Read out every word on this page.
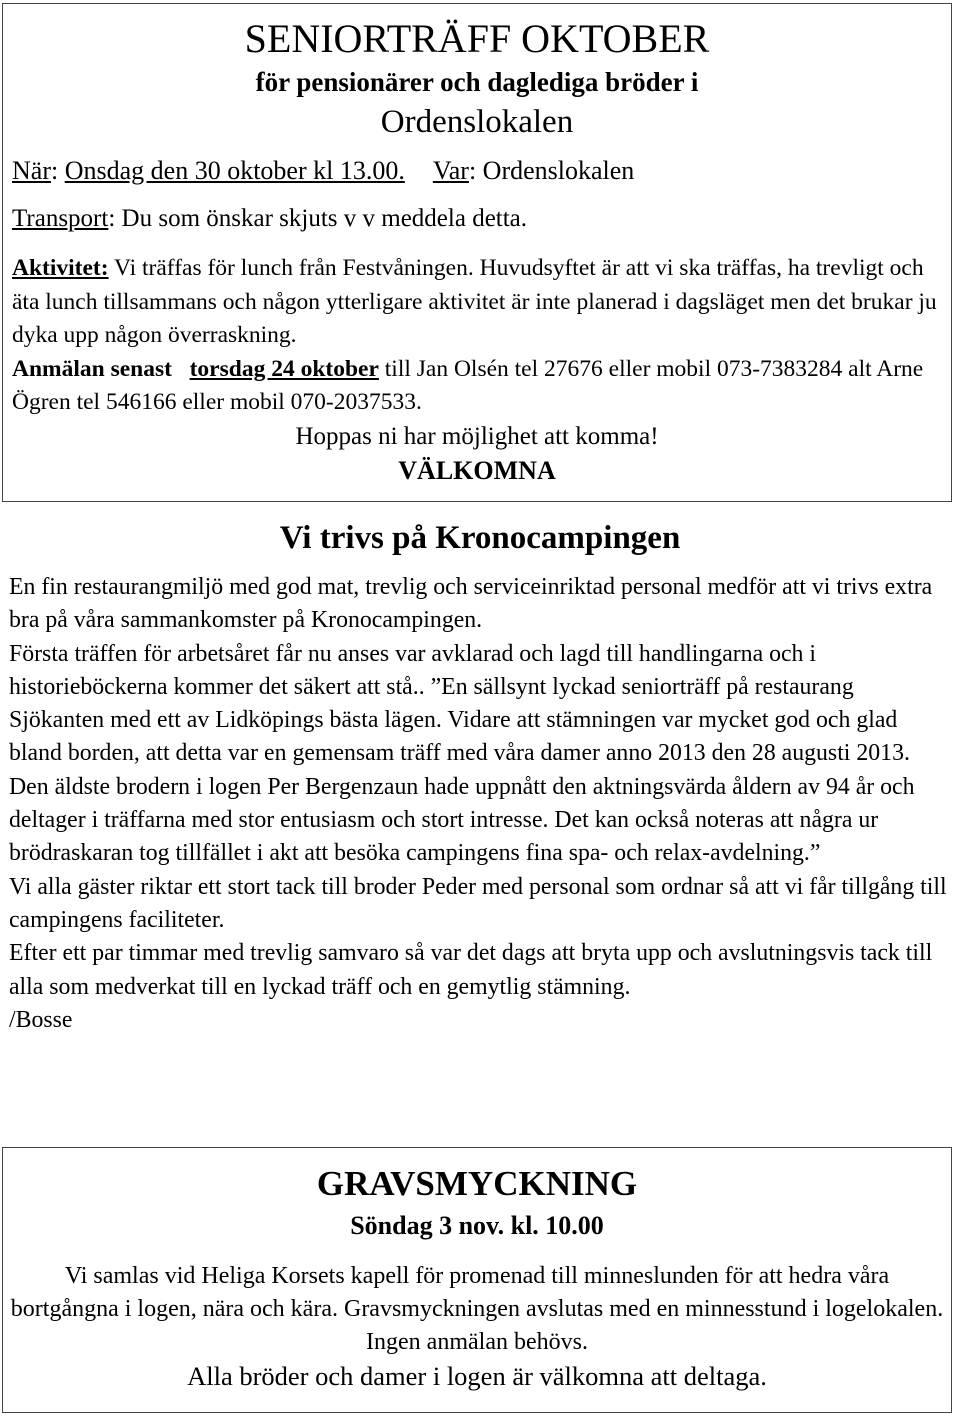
SENIORTRÄFF OKTOBER
för pensionärer och daglediga bröder i
Ordenslokalen
När: Onsdag den 30 oktober kl 13.00. Var: Ordenslokalen
Transport: Du som önskar skjuts v v meddela detta.

Aktivitet: Vi träffas för lunch från Festvåningen. Huvudsyftet är att vi ska träffas, ha trevligt och äta lunch tillsammans och någon ytterligare aktivitet är inte planerad i dagsläget men det brukar ju dyka upp någon överraskning.
Anmälan senast torsdag 24 oktober till Jan Olsén tel 27676 eller mobil 073-7383284 alt Arne Ögren tel 546166 eller mobil 070-2037533.

Hoppas ni har möjlighet att komma!
VÄLKOMNA
Vi trivs på Kronocampingen
En fin restaurangmiljö med god mat, trevlig och serviceinriktad personal medför att vi trivs extra bra på våra sammankomster på Kronocampingen.
Första träffen för arbetsåret får nu anses var avklarad och lagd till handlingarna och i historieböckerna kommer det säkert att stå.. ”En sällsynt lyckad seniorträff på restaurang Sjökanten med ett av Lidköpings bästa lägen. Vidare att stämningen var mycket god och glad bland borden, att detta var en gemensam träff med våra damer anno 2013 den 28 augusti 2013. Den äldste brodern i logen Per Bergenzaun hade uppnått den aktningsvärda åldern av 94 år och deltager i träffarna med stor entusiasm och stort intresse. Det kan också noteras att några ur brödraskaran tog tillfället i akt att besöka campingens fina spa- och relax-avdelning.”
Vi alla gäster riktar ett stort tack till broder Peder med personal som ordnar så att vi får tillgång till campingens faciliteter.
Efter ett par timmar med trevlig samvaro så var det dags att bryta upp och avslutningsvis tack till alla som medverkat till en lyckad träff och en gemytlig stämning.
/Bosse
GRAVSMYCKNING
Söndag 3 nov. kl. 10.00

Vi samlas vid Heliga Korsets kapell för promenad till minneslunden för att hedra våra bortgångna i logen, nära och kära. Gravsmyckningen avslutas med en minnesstund i logelokalen. Ingen anmälan behövs.

Alla bröder och damer i logen är välkomna att deltaga.
